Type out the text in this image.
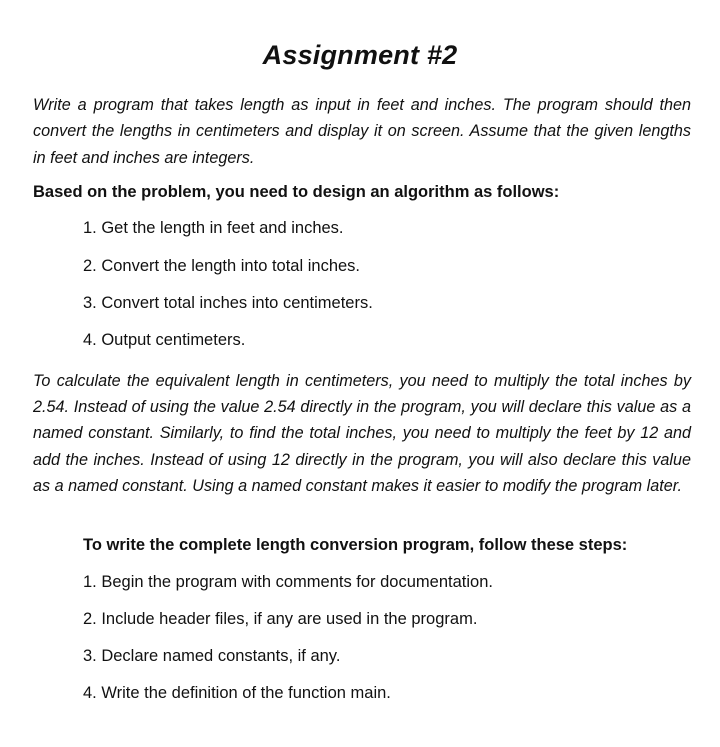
Assignment #2

Write a program that takes length as input in feet and inches. The program should then convert the lengths in centimeters and display it on screen. Assume that the given lengths in feet and inches are integers.

Based on the problem, you need to design an algorithm as follows:

1. Get the length in feet and inches.
2. Convert the length into total inches.
3. Convert total inches into centimeters.
4. Output centimeters.

To calculate the equivalent length in centimeters, you need to multiply the total inches by 2.54. Instead of using the value 2.54 directly in the program, you will declare this value as a named constant. Similarly, to find the total inches, you need to multiply the feet by 12 and add the inches. Instead of using 12 directly in the program, you will also declare this value as a named constant. Using a named constant makes it easier to modify the program later.

To write the complete length conversion program, follow these steps:

1. Begin the program with comments for documentation.
2. Include header files, if any are used in the program.
3. Declare named constants, if any.
4. Write the definition of the function main.
